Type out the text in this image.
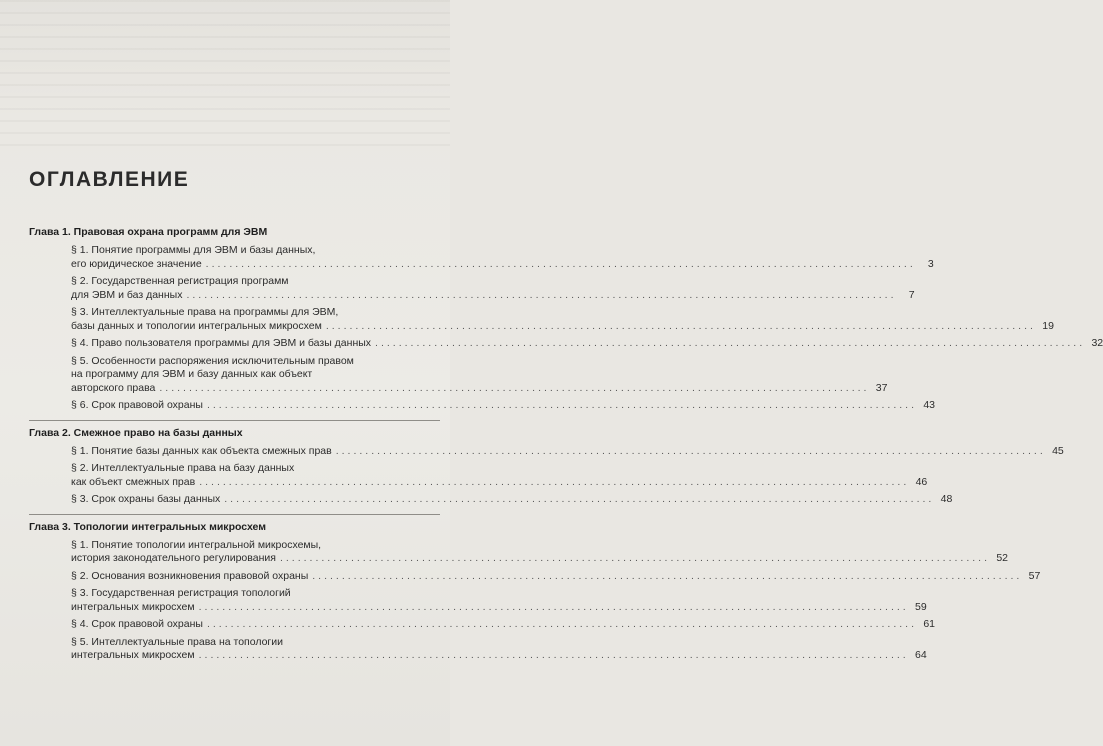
ОГЛАВЛЕНИЕ
Глава 1. Правовая охрана программ для ЭВМ
§ 1. Понятие программы для ЭВМ и базы данных,
его юридическое значение ........................................................................................................................	3
§ 2. Государственная регистрация программ
для ЭВМ и баз данных ........................................................................................................................	7
§ 3. Интеллектуальные права на программы для ЭВМ,
базы данных и топологии интегральных микросхем ........................................................................................................................ 19
§ 4. Право пользователя программы для ЭВМ и базы данных ........................................................................................................................ 32
§ 5. Особенности распоряжения исключительным правом
на программу для ЭВМ и базу данных как объект
авторского права ........................................................................................................................ 37
§ 6. Срок правовой охраны ........................................................................................................................ 43
Глава 2. Смежное право на базы данных
§ 1. Понятие базы данных как объекта смежных прав ........................................................................................................................ 45
§ 2. Интеллектуальные права на базу данных
как объект смежных прав ........................................................................................................................ 46
§ 3. Срок охраны базы данных ........................................................................................................................ 48
Глава 3. Топологии интегральных микросхем
§ 1. Понятие топологии интегральной микросхемы,
история законодательного регулирования ........................................................................................................................ 52
§ 2. Основания возникновения правовой охраны ........................................................................................................................ 57
§ 3. Государственная регистрация топологий
интегральных микросхем ........................................................................................................................ 59
§ 4. Срок правовой охраны ........................................................................................................................ 61
§ 5. Интеллектуальные права на топологии
интегральных микросхем ........................................................................................................................ 64
